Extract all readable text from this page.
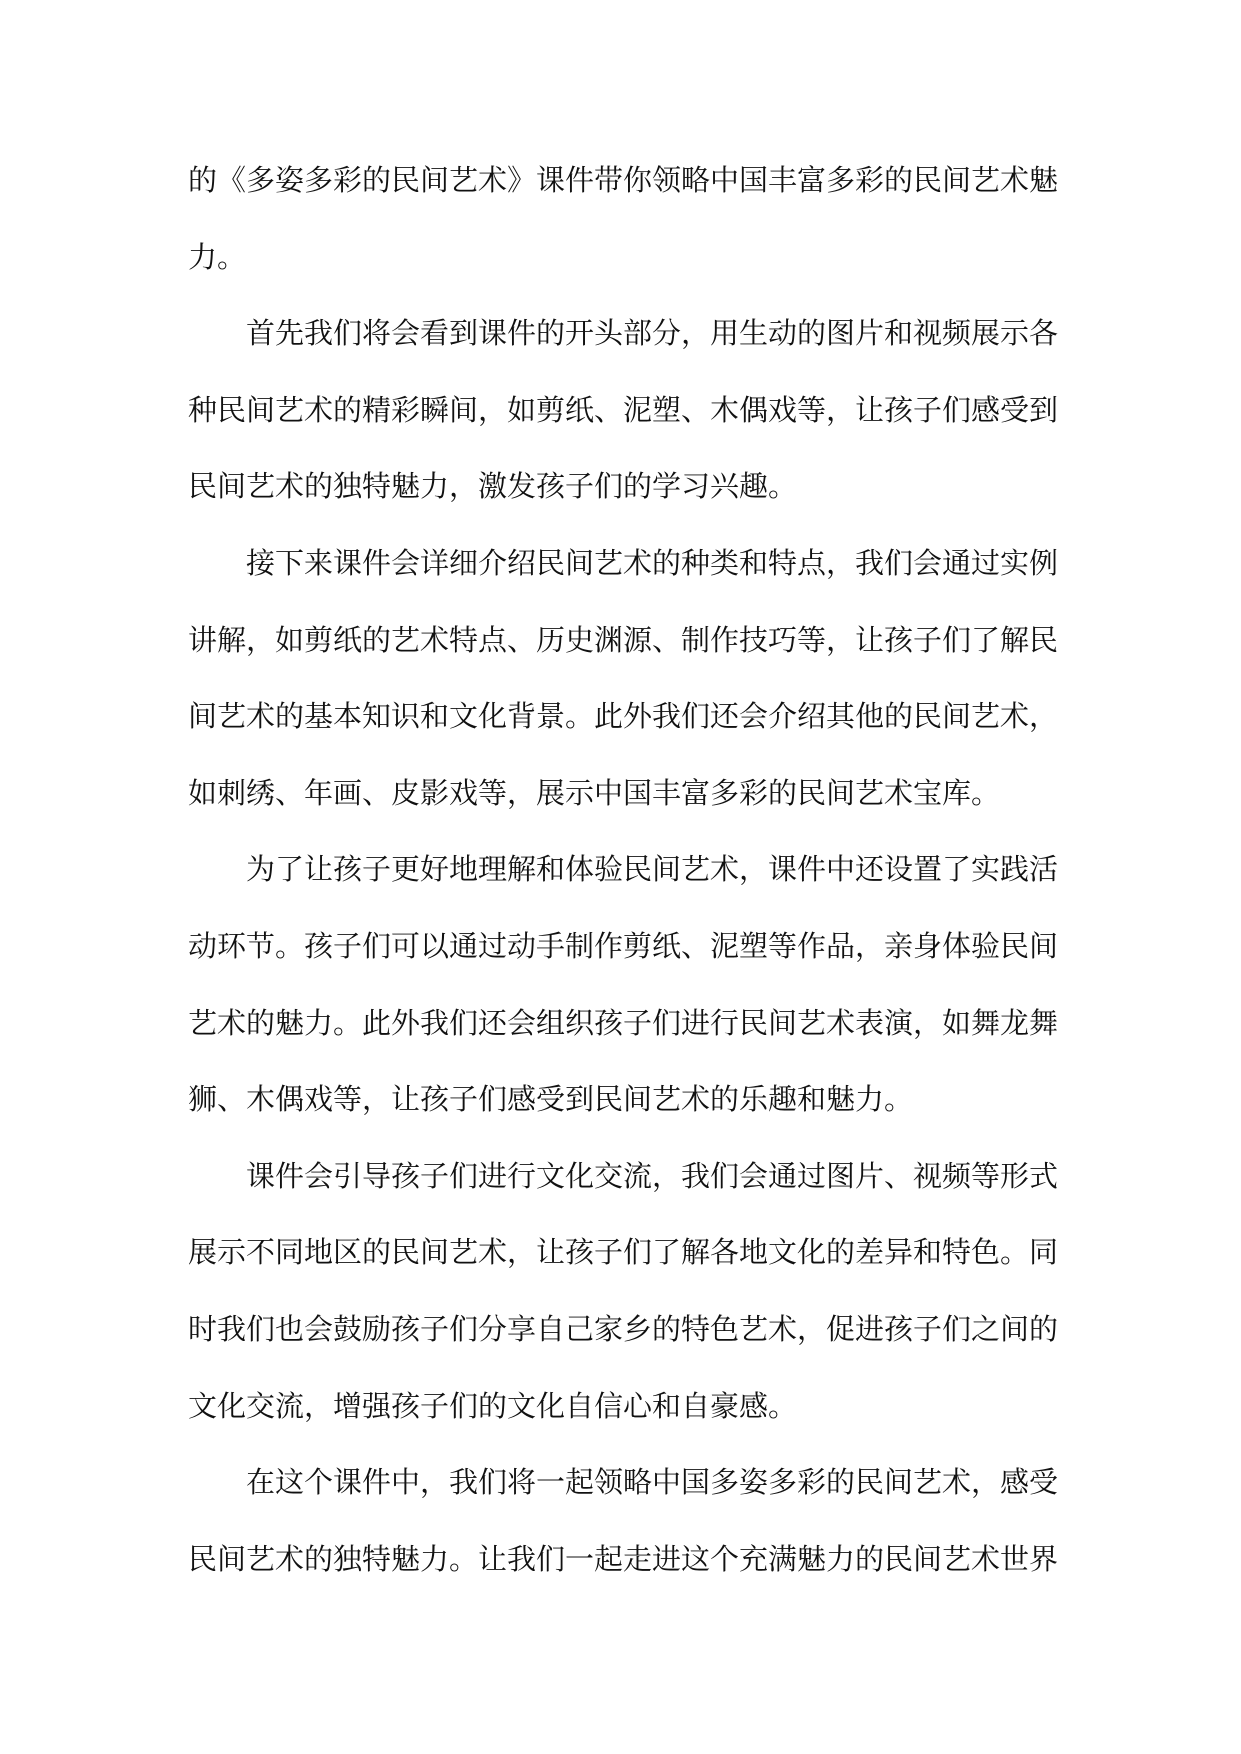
的《多姿多彩的民间艺术》课件带你领略中国丰富多彩的民间艺术魅力。

首先我们将会看到课件的开头部分，用生动的图片和视频展示各种民间艺术的精彩瞬间，如剪纸、泥塑、木偶戏等，让孩子们感受到民间艺术的独特魅力，激发孩子们的学习兴趣。

接下来课件会详细介绍民间艺术的种类和特点，我们会通过实例讲解，如剪纸的艺术特点、历史渊源、制作技巧等，让孩子们了解民间艺术的基本知识和文化背景。此外我们还会介绍其他的民间艺术，如刺绣、年画、皮影戏等，展示中国丰富多彩的民间艺术宝库。

为了让孩子更好地理解和体验民间艺术，课件中还设置了实践活动环节。孩子们可以通过动手制作剪纸、泥塑等作品，亲身体验民间艺术的魅力。此外我们还会组织孩子们进行民间艺术表演，如舞龙舞狮、木偶戏等，让孩子们感受到民间艺术的乐趣和魅力。

课件会引导孩子们进行文化交流，我们会通过图片、视频等形式展示不同地区的民间艺术，让孩子们了解各地文化的差异和特色。同时我们也会鼓励孩子们分享自己家乡的特色艺术，促进孩子们之间的文化交流，增强孩子们的文化自信心和自豪感。

在这个课件中，我们将一起领略中国多姿多彩的民间艺术，感受民间艺术的独特魅力。让我们一起走进这个充满魅力的民间艺术世界
